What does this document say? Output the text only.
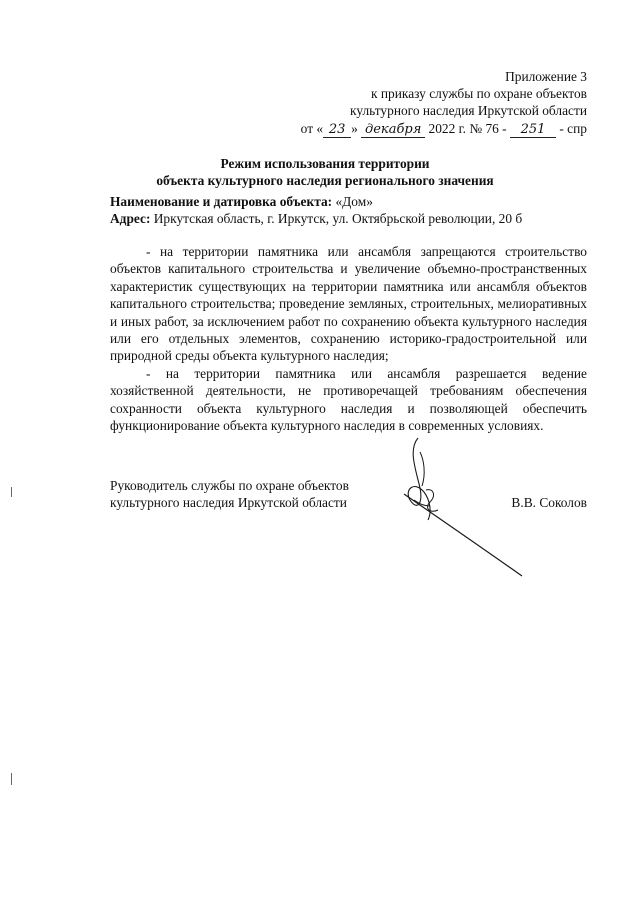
Приложение 3
к приказу службы по охране объектов
культурного наследия Иркутской области
от « 23 » декабря 2022 г. № 76 - 251 - спр
Режим использования территории
объекта культурного наследия регионального значения
Наименование и датировка объекта: «Дом»
Адрес: Иркутская область, г. Иркутск, ул. Октябрьской революции, 20 б

- на территории памятника или ансамбля запрещаются строительство объектов капитального строительства и увеличение объемно-пространственных характеристик существующих на территории памятника или ансамбля объектов капитального строительства; проведение земляных, строительных, мелиоративных и иных работ, за исключением работ по сохранению объекта культурного наследия или его отдельных элементов, сохранению историко-градостроительной или природной среды объекта культурного наследия;

- на территории памятника или ансамбля разрешается ведение хозяйственной деятельности, не противоречащей требованиям обеспечения сохранности объекта культурного наследия и позволяющей обеспечить функционирование объекта культурного наследия в современных условиях.

Руководитель службы по охране объектов
культурного наследия Иркутской области	В.В. Соколов
